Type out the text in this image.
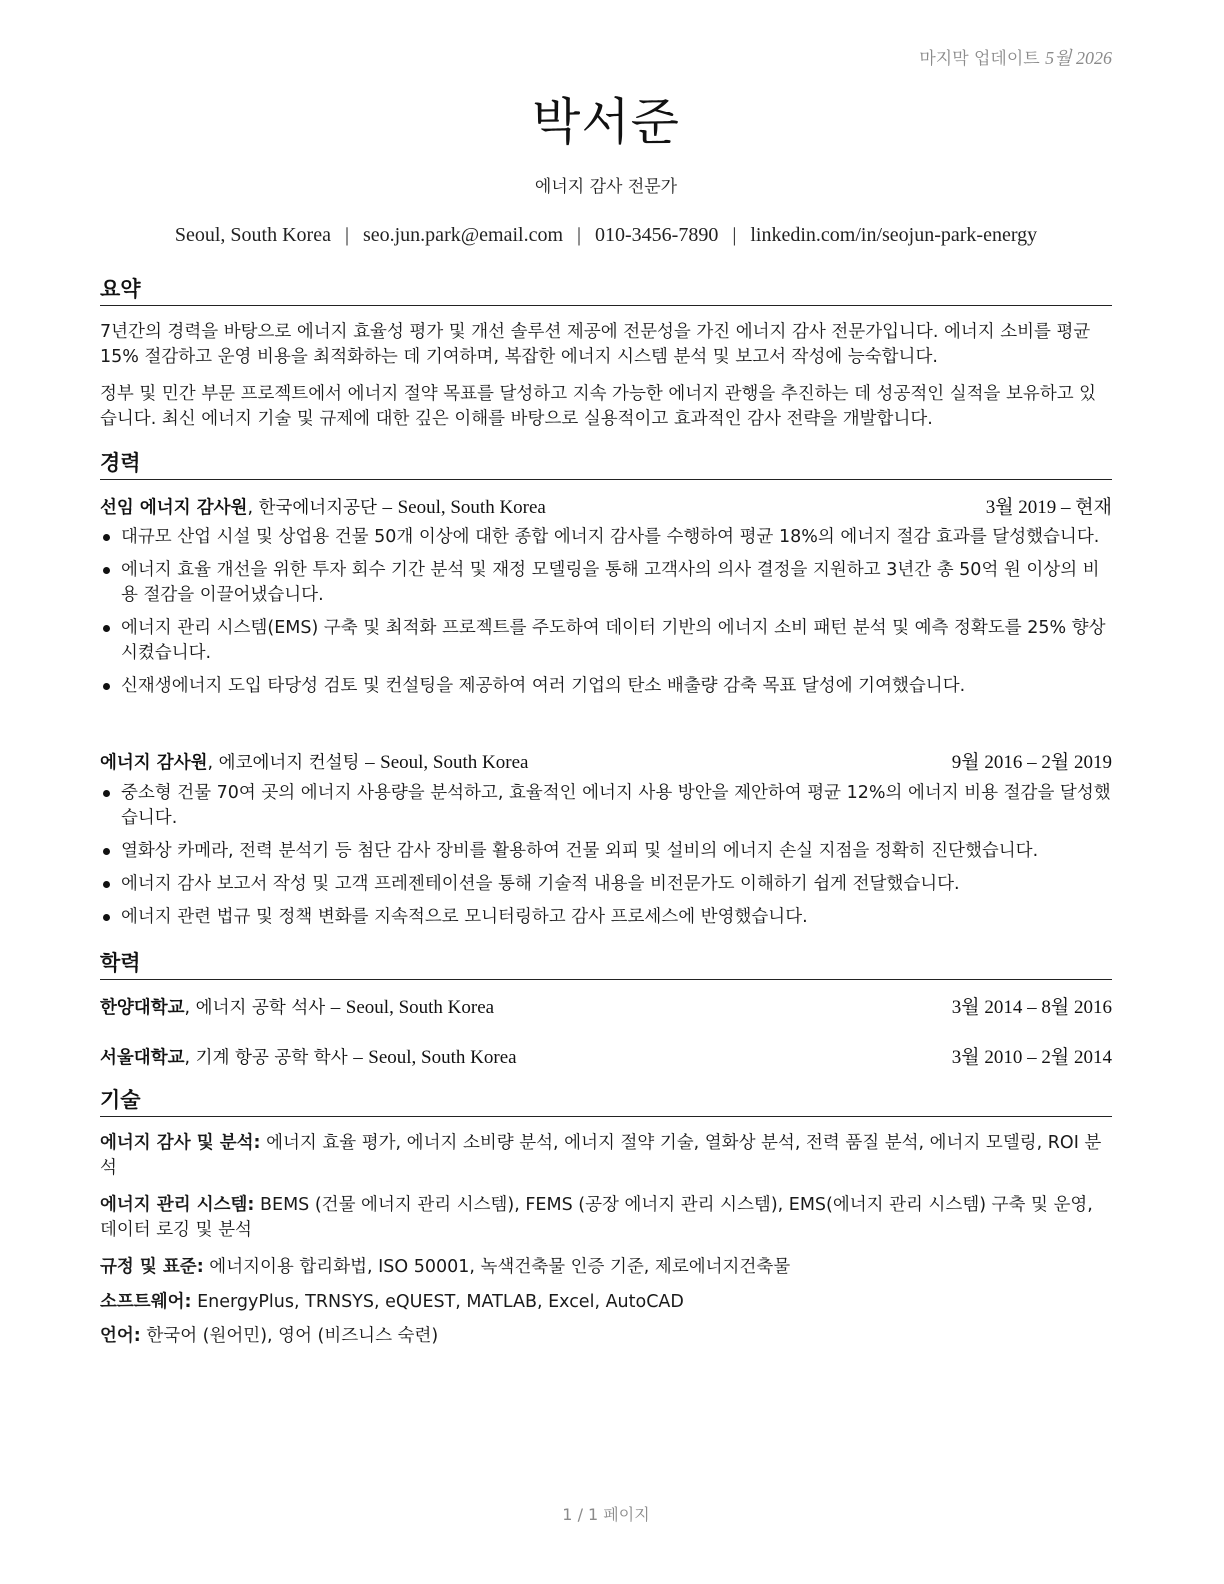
마지막 업데이트 5월 2026
박서준
에너지 감사 전문가
Seoul, South Korea | seo.jun.park@email.com | 010-3456-7890 | linkedin.com/in/seojun-park-energy
요약
7년간의 경력을 바탕으로 에너지 효율성 평가 및 개선 솔루션 제공에 전문성을 가진 에너지 감사 전문가입니다. 에너지 소비를 평균 15% 절감하고 운영 비용을 최적화하는 데 기여하며, 복잡한 에너지 시스템 분석 및 보고서 작성에 능숙합니다.
정부 및 민간 부문 프로젝트에서 에너지 절약 목표를 달성하고 지속 가능한 에너지 관행을 추진하는 데 성공적인 실적을 보유하고 있습니다. 최신 에너지 기술 및 규제에 대한 깊은 이해를 바탕으로 실용적이고 효과적인 감사 전략을 개발합니다.
경력
선임 에너지 감사원, 한국에너지공단 – Seoul, South Korea	3월 2019 – 현재
대규모 산업 시설 및 상업용 건물 50개 이상에 대한 종합 에너지 감사를 수행하여 평균 18%의 에너지 절감 효과를 달성했습니다.
에너지 효율 개선을 위한 투자 회수 기간 분석 및 재정 모델링을 통해 고객사의 의사 결정을 지원하고 3년간 총 50억 원 이상의 비용 절감을 이끌어냈습니다.
에너지 관리 시스템(EMS) 구축 및 최적화 프로젝트를 주도하여 데이터 기반의 에너지 소비 패턴 분석 및 예측 정확도를 25% 향상시켰습니다.
신재생에너지 도입 타당성 검토 및 컨설팅을 제공하여 여러 기업의 탄소 배출량 감축 목표 달성에 기여했습니다.
에너지 감사원, 에코에너지 컨설팅 – Seoul, South Korea	9월 2016 – 2월 2019
중소형 건물 70여 곳의 에너지 사용량을 분석하고, 효율적인 에너지 사용 방안을 제안하여 평균 12%의 에너지 비용 절감을 달성했습니다.
열화상 카메라, 전력 분석기 등 첨단 감사 장비를 활용하여 건물 외피 및 설비의 에너지 손실 지점을 정확히 진단했습니다.
에너지 감사 보고서 작성 및 고객 프레젠테이션을 통해 기술적 내용을 비전문가도 이해하기 쉽게 전달했습니다.
에너지 관련 법규 및 정책 변화를 지속적으로 모니터링하고 감사 프로세스에 반영했습니다.
학력
한양대학교, 에너지 공학 석사 – Seoul, South Korea	3월 2014 – 8월 2016
서울대학교, 기계 항공 공학 학사 – Seoul, South Korea	3월 2010 – 2월 2014
기술
에너지 감사 및 분석: 에너지 효율 평가, 에너지 소비량 분석, 에너지 절약 기술, 열화상 분석, 전력 품질 분석, 에너지 모델링, ROI 분석
에너지 관리 시스템: BEMS (건물 에너지 관리 시스템), FEMS (공장 에너지 관리 시스템), EMS(에너지 관리 시스템) 구축 및 운영, 데이터 로깅 및 분석
규정 및 표준: 에너지이용 합리화법, ISO 50001, 녹색건축물 인증 기준, 제로에너지건축물
소프트웨어: EnergyPlus, TRNSYS, eQUEST, MATLAB, Excel, AutoCAD
언어: 한국어 (원어민), 영어 (비즈니스 숙련)
1 / 1 페이지
